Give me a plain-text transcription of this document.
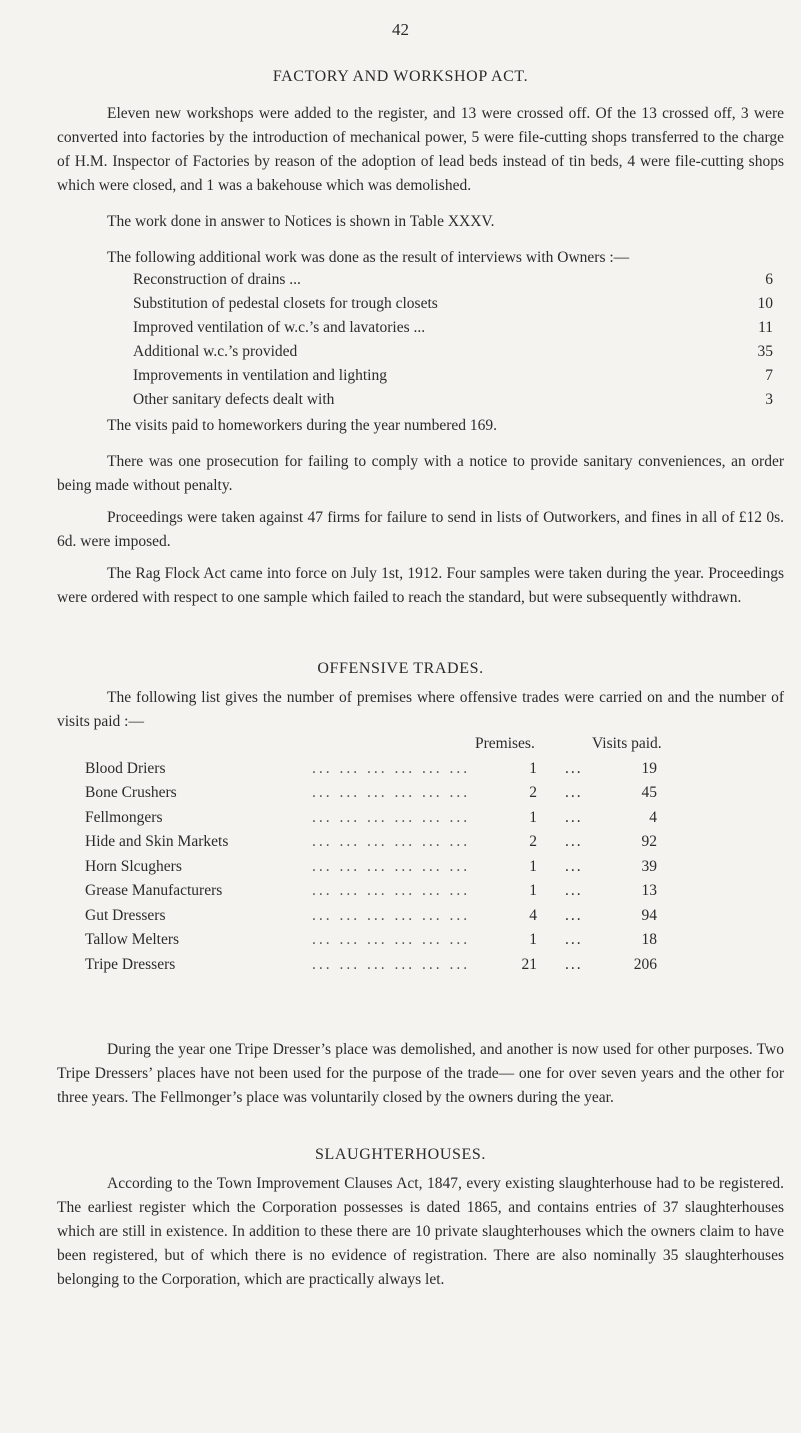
42
FACTORY AND WORKSHOP ACT.

Eleven new workshops were added to the register, and 13 were crossed off. Of the 13 crossed off, 3 were converted into factories by the introduction of mechanical power, 5 were file-cutting shops transferred to the charge of H.M. Inspector of Factories by reason of the adoption of lead beds instead of tin beds, 4 were file-cutting shops which were closed, and 1 was a bakehouse which was demolished.

The work done in answer to Notices is shown in Table XXXV.

The following additional work was done as the result of interviews with Owners :—

Reconstruction of drains ...	6
Substitution of pedestal closets for trough closets	10
Improved ventilation of w.c.’s and lavatories ...	11
Additional w.c.’s provided	35
Improvements in ventilation and lighting	7
Other sanitary defects dealt with	3

The visits paid to homeworkers during the year numbered 169.

There was one prosecution for failing to comply with a notice to provide sanitary conveniences, an order being made without penalty.

Proceedings were taken against 47 firms for failure to send in lists of Outworkers, and fines in all of £12 0s. 6d. were imposed.

The Rag Flock Act came into force on July 1st, 1912. Four samples were taken during the year. Proceedings were ordered with respect to one sample which failed to reach the standard, but were subsequently withdrawn.

OFFENSIVE TRADES.

The following list gives the number of premises where offensive trades were carried on and the number of visits paid :—

Premises.	Visits paid.
Blood Driers	... ... ... ... ... ...	1 ...	19
Bone Crushers	... ... ... ... ... ...	2 ...	45
Fellmongers	... ... ... ... ... ...	1 ...	4
Hide and Skin Markets	... ... ... ... ... ...	2 ...	92
Horn Slcughers	... ... ... ... ... ...	1 ...	39
Grease Manufacturers	... ... ... ... ... ...	1 ...	13
Gut Dressers	... ... ... ... ... ...	4 ...	94
Tallow Melters	... ... ... ... ... ...	1 ...	18
Tripe Dressers	... ... ... ... ... ...	21 ...	206

During the year one Tripe Dresser’s place was demolished, and another is now used for other purposes. Two Tripe Dressers’ places have not been used for the purpose of the trade— one for over seven years and the other for three years. The Fellmonger’s place was voluntarily closed by the owners during the year.

SLAUGHTERHOUSES.

According to the Town Improvement Clauses Act, 1847, every existing slaughterhouse had to be registered. The earliest register which the Corporation possesses is dated 1865, and contains entries of 37 slaughterhouses which are still in existence. In addition to these there are 10 private slaughterhouses which the owners claim to have been registered, but of which there is no evidence of registration. There are also nominally 35 slaughterhouses belonging to the Corporation, which are practically always let.
